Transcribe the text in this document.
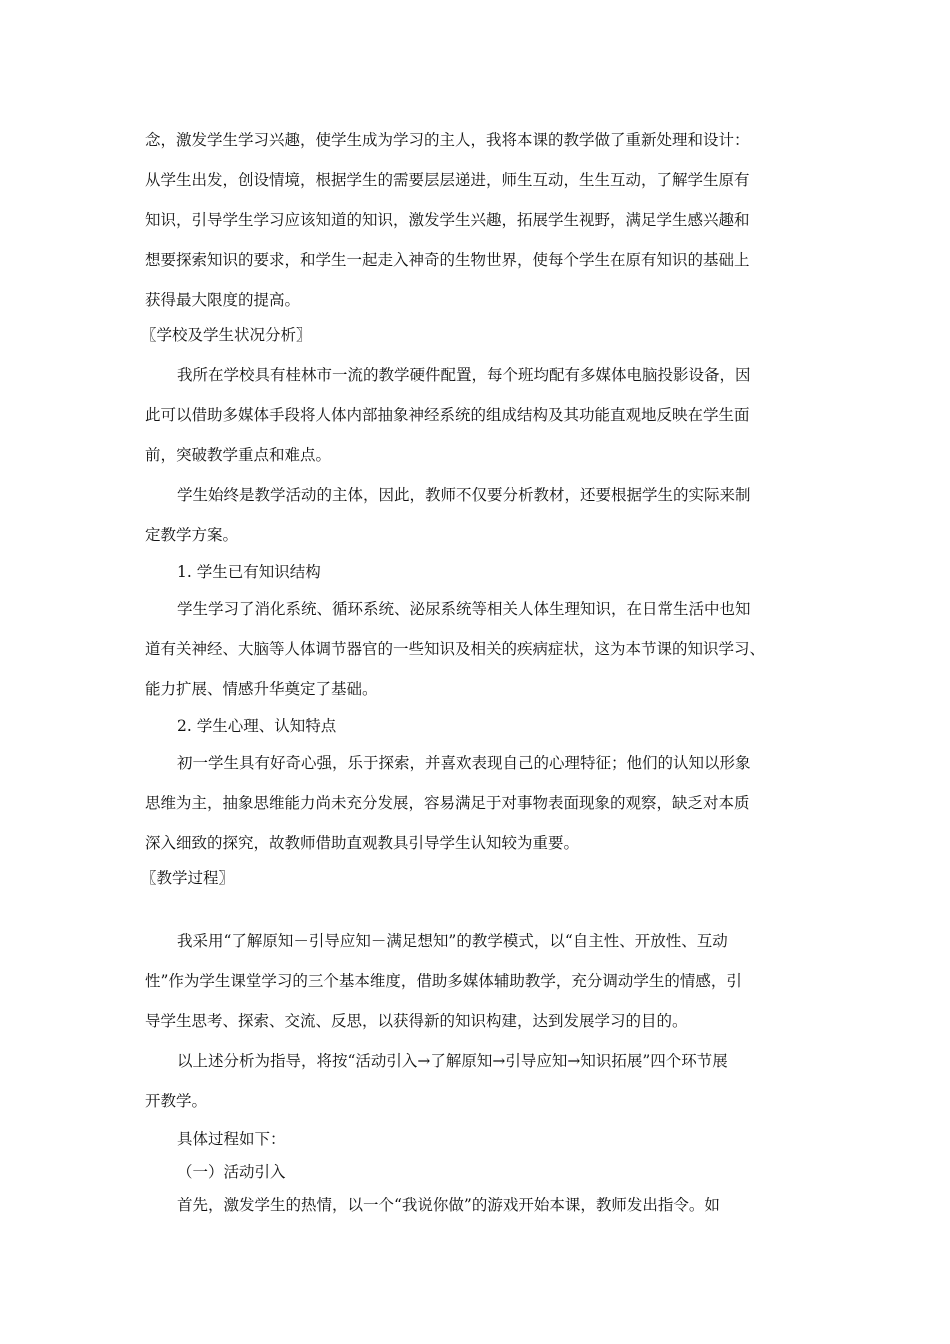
念，激发学生学习兴趣，使学生成为学习的主人，我将本课的教学做了重新处理和设计：
从学生出发，创设情境，根据学生的需要层层递进，师生互动，生生互动，了解学生原有
知识，引导学生学习应该知道的知识，激发学生兴趣，拓展学生视野，满足学生感兴趣和
想要探索知识的要求，和学生一起走入神奇的生物世界，使每个学生在原有知识的基础上
获得最大限度的提高。
〖学校及学生状况分析〗
我所在学校具有桂林市一流的教学硬件配置，每个班均配有多媒体电脑投影设备，因
此可以借助多媒体手段将人体内部抽象神经系统的组成结构及其功能直观地反映在学生面
前，突破教学重点和难点。
学生始终是教学活动的主体，因此，教师不仅要分析教材，还要根据学生的实际来制
定教学方案。
1. 学生已有知识结构
学生学习了消化系统、循环系统、泌尿系统等相关人体生理知识，在日常生活中也知
道有关神经、大脑等人体调节器官的一些知识及相关的疾病症状，这为本节课的知识学习、
能力扩展、情感升华奠定了基础。
2. 学生心理、认知特点
初一学生具有好奇心强，乐于探索，并喜欢表现自己的心理特征；他们的认知以形象
思维为主，抽象思维能力尚未充分发展，容易满足于对事物表面现象的观察，缺乏对本质
深入细致的探究，故教师借助直观教具引导学生认知较为重要。
〖教学过程〗
我采用“了解原知－引导应知－满足想知”的教学模式，以“自主性、开放性、互动
性”作为学生课堂学习的三个基本维度，借助多媒体辅助教学，充分调动学生的情感，引
导学生思考、探索、交流、反思，以获得新的知识构建，达到发展学习的目的。
以上述分析为指导，将按“活动引入→了解原知→引导应知→知识拓展”四个环节展
开教学。
具体过程如下：
（一）活动引入
首先，激发学生的热情，以一个“我说你做”的游戏开始本课，教师发出指令。如
